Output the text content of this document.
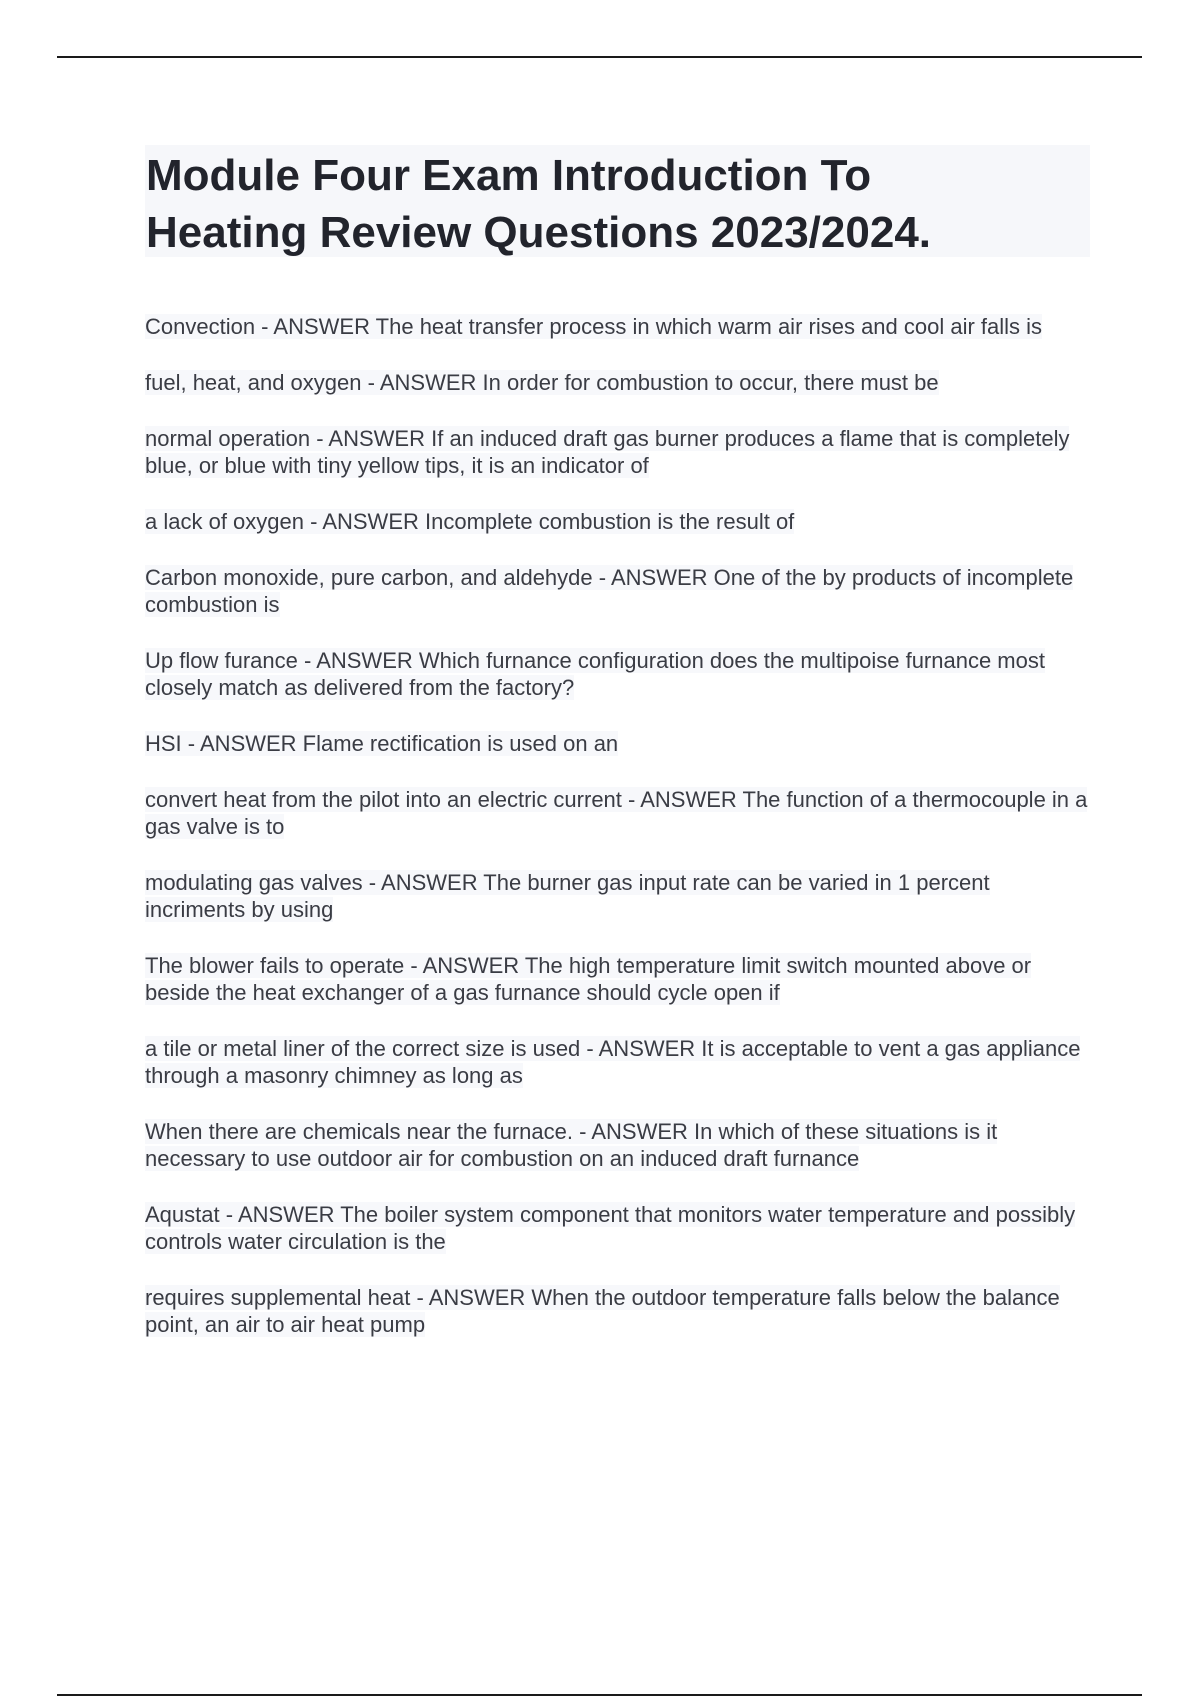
Module Four Exam Introduction To
Heating Review Questions 2023/2024.
Convection - ANSWER The heat transfer process in which warm air rises and cool air falls is
fuel, heat, and oxygen - ANSWER In order for combustion to occur, there must be
normal operation - ANSWER If an induced draft gas burner produces a flame that is completely blue, or blue with tiny yellow tips, it is an indicator of
a lack of oxygen - ANSWER Incomplete combustion is the result of
Carbon monoxide, pure carbon, and aldehyde - ANSWER One of the by products of incomplete combustion is
Up flow furance - ANSWER Which furnance configuration does the multipoise furnance most closely match as delivered from the factory?
HSI - ANSWER Flame rectification is used on an
convert heat from the pilot into an electric current - ANSWER The function of a thermocouple in a gas valve is to
modulating gas valves - ANSWER The burner gas input rate can be varied in 1 percent incriments by using
The blower fails to operate - ANSWER The high temperature limit switch mounted above or beside the heat exchanger of a gas furnance should cycle open if
a tile or metal liner of the correct size is used - ANSWER It is acceptable to vent a gas appliance through a masonry chimney as long as
When there are chemicals near the furnace. - ANSWER In which of these situations is it necessary to use outdoor air for combustion on an induced draft furnance
Aqustat - ANSWER The boiler system component that monitors water temperature and possibly controls water circulation is the
requires supplemental heat - ANSWER When the outdoor temperature falls below the balance point, an air to air heat pump
